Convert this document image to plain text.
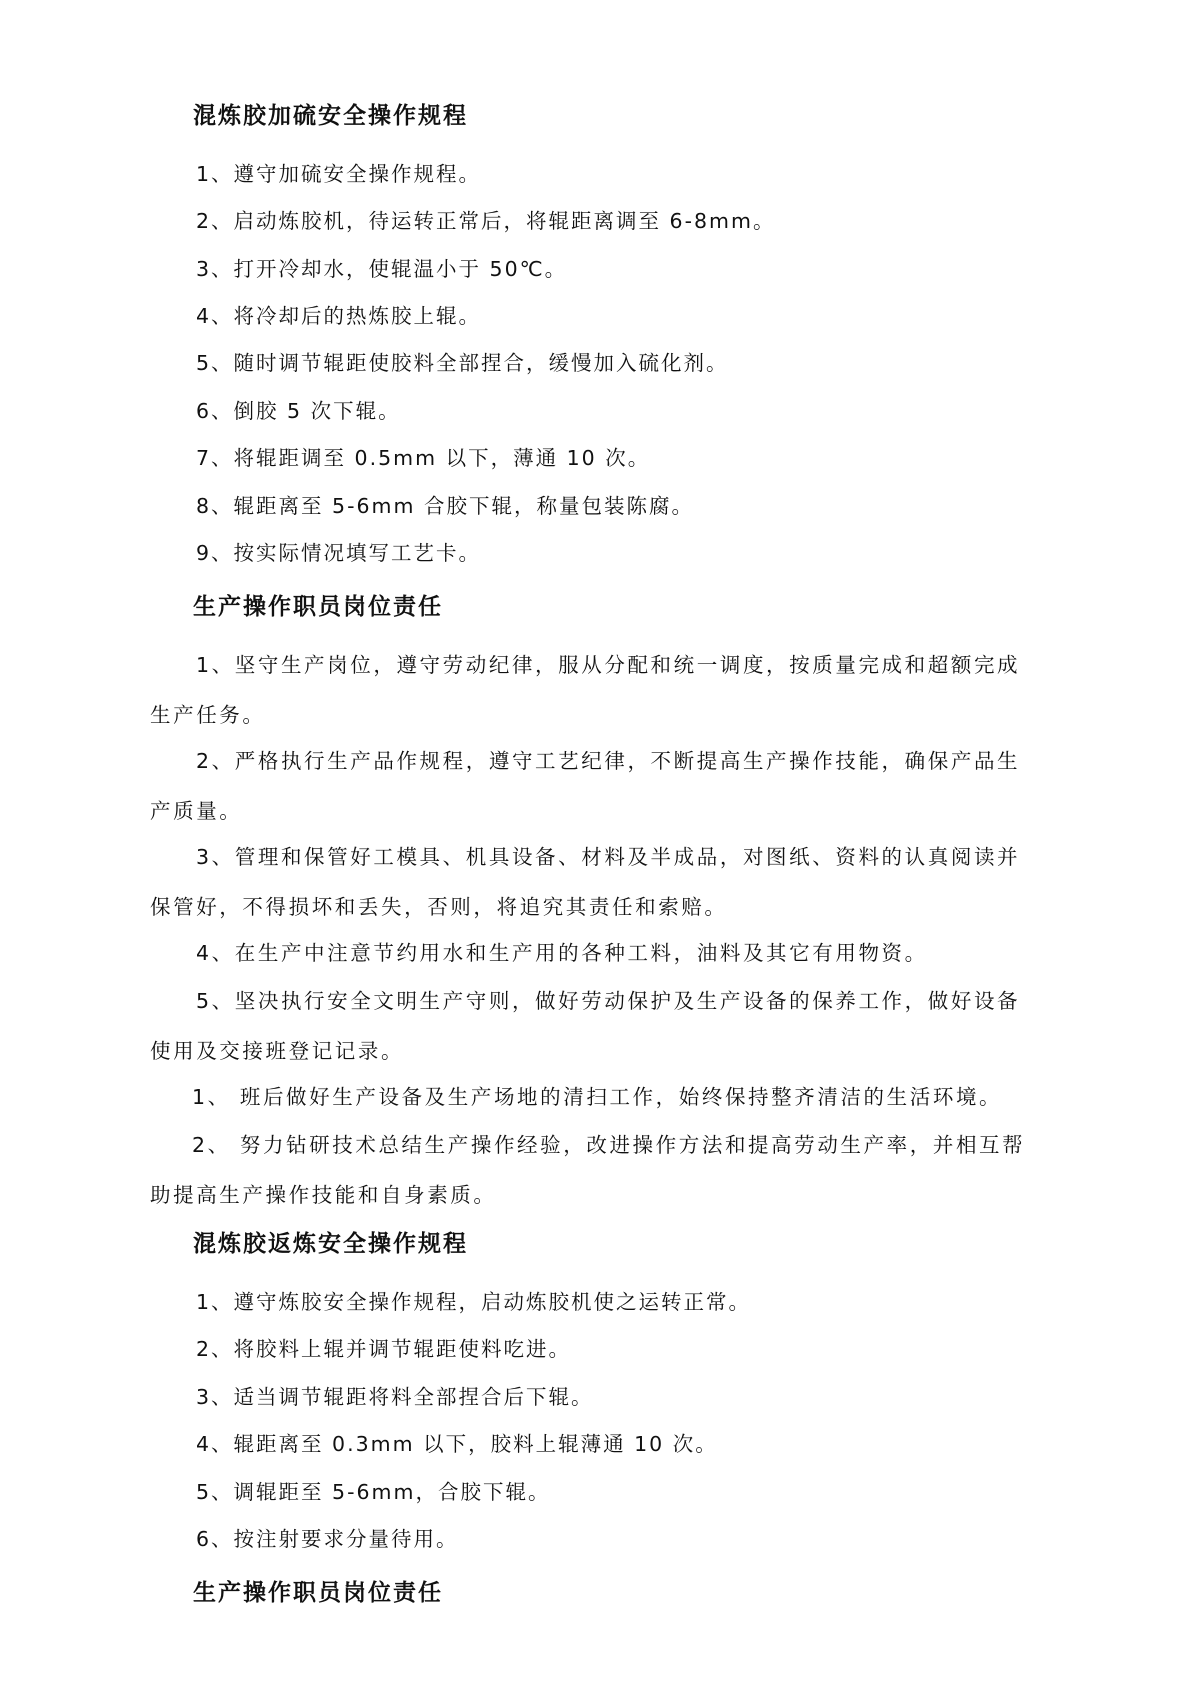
混炼胶加硫安全操作规程
1、遵守加硫安全操作规程。
2、启动炼胶机，待运转正常后，将辊距离调至 6-8mm。
3、打开冷却水，使辊温小于 50℃。
4、将冷却后的热炼胶上辊。
5、随时调节辊距使胶料全部捏合，缓慢加入硫化剂。
6、倒胶 5 次下辊。
7、将辊距调至 0.5mm 以下，薄通 10 次。
8、辊距离至 5-6mm 合胶下辊，称量包装陈腐。
9、按实际情况填写工艺卡。
生产操作职员岗位责任
1、坚守生产岗位，遵守劳动纪律，服从分配和统一调度，按质量完成和超额完成
生产任务。
2、严格执行生产品作规程，遵守工艺纪律，不断提高生产操作技能，确保产品生
产质量。
3、管理和保管好工模具、机具设备、材料及半成品，对图纸、资料的认真阅读并
保管好，不得损坏和丢失，否则，将追究其责任和索赔。
4、在生产中注意节约用水和生产用的各种工料，油料及其它有用物资。
5、坚决执行安全文明生产守则，做好劳动保护及生产设备的保养工作，做好设备
使用及交接班登记记录。
1、 班后做好生产设备及生产场地的清扫工作，始终保持整齐清洁的生活环境。
2、 努力钻研技术总结生产操作经验，改进操作方法和提高劳动生产率，并相互帮
助提高生产操作技能和自身素质。
混炼胶返炼安全操作规程
1、遵守炼胶安全操作规程，启动炼胶机使之运转正常。
2、将胶料上辊并调节辊距使料吃进。
3、适当调节辊距将料全部捏合后下辊。
4、辊距离至 0.3mm 以下，胶料上辊薄通 10 次。
5、调辊距至 5-6mm，合胶下辊。
6、按注射要求分量待用。
生产操作职员岗位责任
